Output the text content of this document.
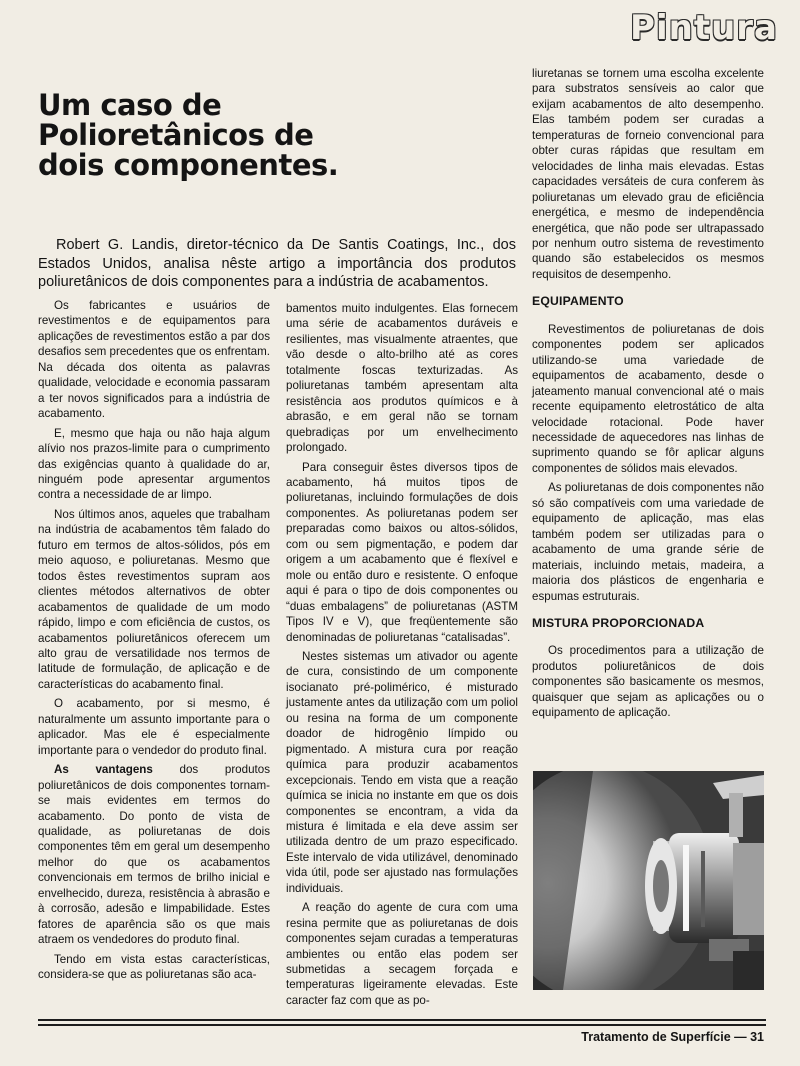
Pintura
Um caso de
Polioretânicos de
dois componentes.

Robert G. Landis, diretor-técnico da De Santis Coatings, Inc., dos Estados Unidos, analisa nêste artigo a importância dos produtos poliuretânicos de dois componentes para a indústria de acabamentos.

Os fabricantes e usuários de revestimentos e de equipamentos para aplicações de revestimentos estão a par dos desafios sem precedentes que os enfrentam. Na década dos oitenta as palavras qualidade, velocidade e economia passaram a ter novos significados para a indústria de acabamento.

E, mesmo que haja ou não haja algum alívio nos prazos-limite para o cumprimento das exigências quanto à qualidade do ar, ninguém pode apresentar argumentos contra a necessidade de ar limpo.

Nos últimos anos, aqueles que trabalham na indústria de acabamentos têm falado do futuro em termos de altos-sólidos, pós em meio aquoso, e poliuretanas. Mesmo que todos êstes revestimentos supram aos clientes métodos alternativos de obter acabamentos de qualidade de um modo rápido, limpo e com eficiência de custos, os acabamentos poliuretânicos oferecem um alto grau de versatilidade nos termos de latitude de formulação, de aplicação e de características do acabamento final.

O acabamento, por si mesmo, é naturalmente um assunto importante para o aplicador. Mas ele é especialmente importante para o vendedor do produto final.

As vantagens dos produtos poliuretânicos de dois componentes tornam-se mais evidentes em termos do acabamento. Do ponto de vista de qualidade, as poliuretanas de dois componentes têm em geral um desempenho melhor do que os acabamentos convencionais em termos de brilho inicial e envelhecido, dureza, resistência à abrasão e à corrosão, adesão e limpabilidade. Estes fatores de aparência são os que mais atraem os vendedores do produto final.

Tendo em vista estas características, considera-se que as poliuretanas são aca-

bamentos muito indulgentes. Elas fornecem uma série de acabamentos duráveis e resilientes, mas visualmente atraentes, que vão desde o alto-brilho até as cores totalmente foscas texturizadas. As poliuretanas também apresentam alta resistência aos produtos químicos e à abrasão, e em geral não se tornam quebradiças por um envelhecimento prolongado.

Para conseguir êstes diversos tipos de acabamento, há muitos tipos de poliuretanas, incluindo formulações de dois componentes. As poliuretanas podem ser preparadas como baixos ou altos-sólidos, com ou sem pigmentação, e podem dar origem a um acabamento que é flexível e mole ou então duro e resistente. O enfoque aqui é para o tipo de dois componentes ou “duas embalagens” de poliuretanas (ASTM Tipos IV e V), que freqüentemente são denominadas de poliuretanas “catalisadas”.

Nestes sistemas um ativador ou agente de cura, consistindo de um componente isocianato pré-polimérico, é misturado justamente antes da utilização com um poliol ou resina na forma de um componente doador de hidrogênio límpido ou pigmentado. A mistura cura por reação química para produzir acabamentos excepcionais. Tendo em vista que a reação química se inicia no instante em que os dois componentes se encontram, a vida da mistura é limitada e ela deve assim ser utilizada dentro de um prazo especificado. Este intervalo de vida utilizável, denominado vida útil, pode ser ajustado nas formulações individuais.

A reação do agente de cura com uma resina permite que as poliuretanas de dois componentes sejam curadas a temperaturas ambientes ou então elas podem ser submetidas a secagem forçada e temperaturas ligeiramente elevadas. Este caracter faz com que as po-

liuretanas se tornem uma escolha excelente para substratos sensíveis ao calor que exijam acabamentos de alto desempenho. Elas também podem ser curadas a temperaturas de forneio convencional para obter curas rápidas que resultam em velocidades de linha mais elevadas. Estas capacidades versáteis de cura conferem às poliuretanas um elevado grau de eficiência energética, e mesmo de independência energética, que não pode ser ultrapassado por nenhum outro sistema de revestimento quando são estabelecidos os mesmos requisitos de desempenho.

EQUIPAMENTO

Revestimentos de poliuretanas de dois componentes podem ser aplicados utilizando-se uma variedade de equipamentos de acabamento, desde o jateamento manual convencional até o mais recente equipamento eletrostático de alta velocidade rotacional. Pode haver necessidade de aquecedores nas linhas de suprimento quando se fôr aplicar alguns componentes de sólidos mais elevados.

As poliuretanas de dois componentes não só são compatíveis com uma variedade de equipamento de aplicação, mas elas também podem ser utilizadas para o acabamento de uma grande série de materiais, incluindo metais, madeira, a maioria dos plásticos de engenharia e espumas estruturais.

MISTURA PROPORCIONADA

Os procedimentos para a utilização de produtos poliuretânicos de dois componentes são basicamente os mesmos, quaisquer que sejam as aplicações ou o equipamento de aplicação.

Tratamento de Superfície — 31
